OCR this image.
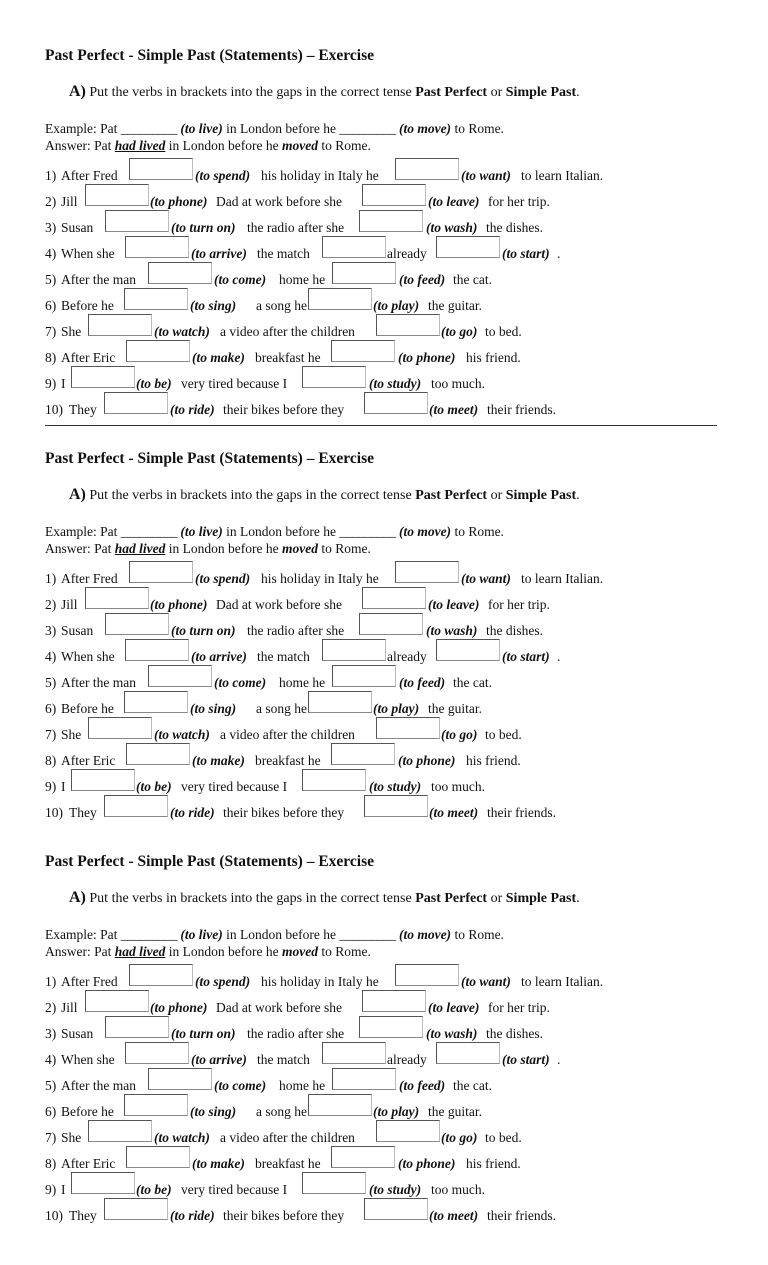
Past Perfect - Simple Past (Statements) – Exercise
A) Put the verbs in brackets into the gaps in the correct tense Past Perfect or Simple Past.
Example: Pat _________ (to live) in London before he _________ (to move) to Rome.
Answer: Pat had lived in London before he moved to Rome.
1) After Fred	(to spend) his holiday in Italy he	(to want) to learn Italian.
2) Jill	(to phone) Dad at work before she	(to leave) for her trip.
3) Susan	(to turn on) the radio after she	(to wash) the dishes.
4) When she	(to arrive) the match	already	(to start) .
5) After the man	(to come) home he	(to feed) the cat.
6) Before he	(to sing) a song he	(to play) the guitar.
7) She	(to watch) a video after the children	(to go) to bed.
8) After Eric	(to make) breakfast he	(to phone) his friend.
9) I	(to be) very tired because I	(to study) too much.
10) They	(to ride) their bikes before they	(to meet) their friends.
Past Perfect - Simple Past (Statements) – Exercise
A) Put the verbs in brackets into the gaps in the correct tense Past Perfect or Simple Past.
Example: Pat _________ (to live) in London before he _________ (to move) to Rome.
Answer: Pat had lived in London before he moved to Rome.
1) After Fred	(to spend) his holiday in Italy he	(to want) to learn Italian.
2) Jill	(to phone) Dad at work before she	(to leave) for her trip.
3) Susan	(to turn on) the radio after she	(to wash) the dishes.
4) When she	(to arrive) the match	already	(to start) .
5) After the man	(to come) home he	(to feed) the cat.
6) Before he	(to sing) a song he	(to play) the guitar.
7) She	(to watch) a video after the children	(to go) to bed.
8) After Eric	(to make) breakfast he	(to phone) his friend.
9) I	(to be) very tired because I	(to study) too much.
10) They	(to ride) their bikes before they	(to meet) their friends.
Past Perfect - Simple Past (Statements) – Exercise
A) Put the verbs in brackets into the gaps in the correct tense Past Perfect or Simple Past.
Example: Pat _________ (to live) in London before he _________ (to move) to Rome.
Answer: Pat had lived in London before he moved to Rome.
1) After Fred	(to spend) his holiday in Italy he	(to want) to learn Italian.
2) Jill	(to phone) Dad at work before she	(to leave) for her trip.
3) Susan	(to turn on) the radio after she	(to wash) the dishes.
4) When she	(to arrive) the match	already	(to start) .
5) After the man	(to come) home he	(to feed) the cat.
6) Before he	(to sing) a song he	(to play) the guitar.
7) She	(to watch) a video after the children	(to go) to bed.
8) After Eric	(to make) breakfast he	(to phone) his friend.
9) I	(to be) very tired because I	(to study) too much.
10) They	(to ride) their bikes before they	(to meet) their friends.
